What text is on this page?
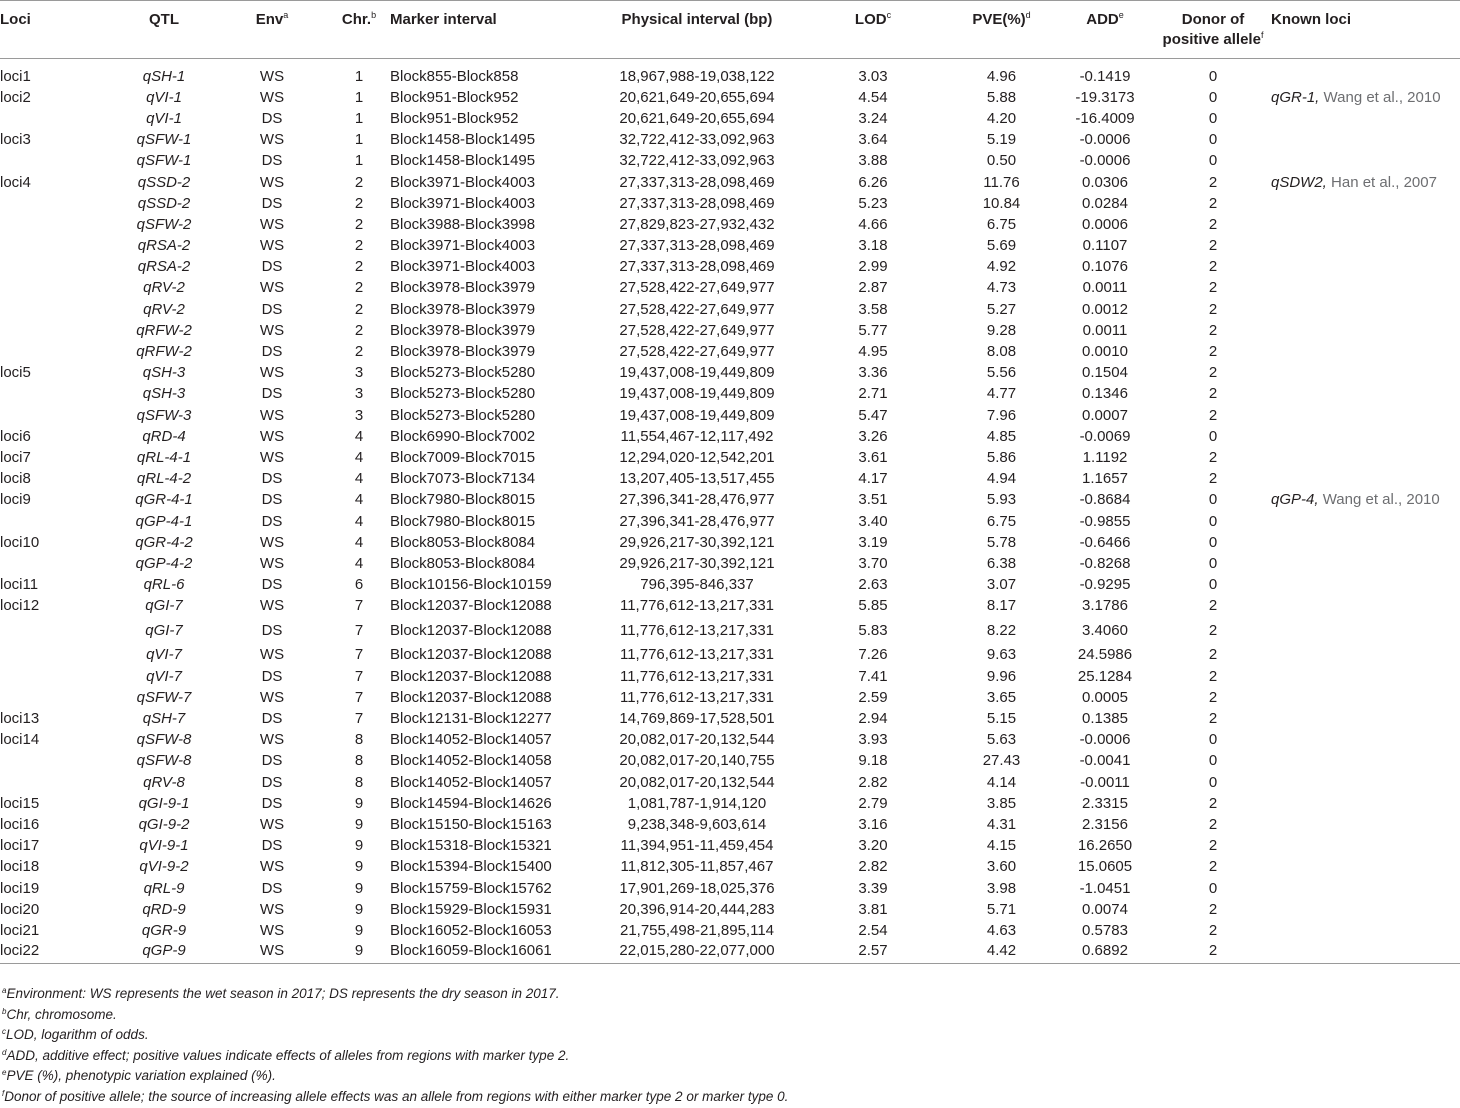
Loci	QTL	Env$^a$	Chr.$^b$	Marker interval	Physical interval (bp)	LOD$^c$	PVE(%)$^d$	ADD$^e$	Donor of
positive allele$^f$	Known loci

loci1	qSH-1	WS	1	Block855-Block858	18,967,988-19,038,122	3.03	4.96	-0.1419	0	
loci2	qVI-1	WS	1	Block951-Block952	20,621,649-20,655,694	4.54	5.88	-19.3173	0	qGR-1, Wang et al., 2010
	qVI-1	DS	1	Block951-Block952	20,621,649-20,655,694	3.24	4.20	-16.4009	0	
loci3	qSFW-1	WS	1	Block1458-Block1495	32,722,412-33,092,963	3.64	5.19	-0.0006	0	
	qSFW-1	DS	1	Block1458-Block1495	32,722,412-33,092,963	3.88	0.50	-0.0006	0	
loci4	qSSD-2	WS	2	Block3971-Block4003	27,337,313-28,098,469	6.26	11.76	0.0306	2	qSDW2, Han et al., 2007
	qSSD-2	DS	2	Block3971-Block4003	27,337,313-28,098,469	5.23	10.84	0.0284	2	
	qSFW-2	WS	2	Block3988-Block3998	27,829,823-27,932,432	4.66	6.75	0.0006	2	
	qRSA-2	WS	2	Block3971-Block4003	27,337,313-28,098,469	3.18	5.69	0.1107	2	
	qRSA-2	DS	2	Block3971-Block4003	27,337,313-28,098,469	2.99	4.92	0.1076	2	
	qRV-2	WS	2	Block3978-Block3979	27,528,422-27,649,977	2.87	4.73	0.0011	2	
	qRV-2	DS	2	Block3978-Block3979	27,528,422-27,649,977	3.58	5.27	0.0012	2	
	qRFW-2	WS	2	Block3978-Block3979	27,528,422-27,649,977	5.77	9.28	0.0011	2	
	qRFW-2	DS	2	Block3978-Block3979	27,528,422-27,649,977	4.95	8.08	0.0010	2	
loci5	qSH-3	WS	3	Block5273-Block5280	19,437,008-19,449,809	3.36	5.56	0.1504	2	
	qSH-3	DS	3	Block5273-Block5280	19,437,008-19,449,809	2.71	4.77	0.1346	2	
	qSFW-3	WS	3	Block5273-Block5280	19,437,008-19,449,809	5.47	7.96	0.0007	2	
loci6	qRD-4	WS	4	Block6990-Block7002	11,554,467-12,117,492	3.26	4.85	-0.0069	0	
loci7	qRL-4-1	WS	4	Block7009-Block7015	12,294,020-12,542,201	3.61	5.86	1.1192	2	
loci8	qRL-4-2	DS	4	Block7073-Block7134	13,207,405-13,517,455	4.17	4.94	1.1657	2	
loci9	qGR-4-1	DS	4	Block7980-Block8015	27,396,341-28,476,977	3.51	5.93	-0.8684	0	qGP-4, Wang et al., 2010
	qGP-4-1	DS	4	Block7980-Block8015	27,396,341-28,476,977	3.40	6.75	-0.9855	0	
loci10	qGR-4-2	WS	4	Block8053-Block8084	29,926,217-30,392,121	3.19	5.78	-0.6466	0	
	qGP-4-2	WS	4	Block8053-Block8084	29,926,217-30,392,121	3.70	6.38	-0.8268	0	
loci11	qRL-6	DS	6	Block10156-Block10159	796,395-846,337	2.63	3.07	-0.9295	0	
loci12	qGI-7	WS	7	Block12037-Block12088	11,776,612-13,217,331	5.85	8.17	3.1786	2	
	qGI-7	DS	7	Block12037-Block12088	11,776,612-13,217,331	5.83	8.22	3.4060	2	
	qVI-7	WS	7	Block12037-Block12088	11,776,612-13,217,331	7.26	9.63	24.5986	2	
	qVI-7	DS	7	Block12037-Block12088	11,776,612-13,217,331	7.41	9.96	25.1284	2	
	qSFW-7	WS	7	Block12037-Block12088	11,776,612-13,217,331	2.59	3.65	0.0005	2	
loci13	qSH-7	DS	7	Block12131-Block12277	14,769,869-17,528,501	2.94	5.15	0.1385	2	
loci14	qSFW-8	WS	8	Block14052-Block14057	20,082,017-20,132,544	3.93	5.63	-0.0006	0	
	qSFW-8	DS	8	Block14052-Block14058	20,082,017-20,140,755	9.18	27.43	-0.0041	0	
	qRV-8	DS	8	Block14052-Block14057	20,082,017-20,132,544	2.82	4.14	-0.0011	0	
loci15	qGI-9-1	DS	9	Block14594-Block14626	1,081,787-1,914,120	2.79	3.85	2.3315	2	
loci16	qGI-9-2	WS	9	Block15150-Block15163	9,238,348-9,603,614	3.16	4.31	2.3156	2	
loci17	qVI-9-1	DS	9	Block15318-Block15321	11,394,951-11,459,454	3.20	4.15	16.2650	2	
loci18	qVI-9-2	WS	9	Block15394-Block15400	11,812,305-11,857,467	2.82	3.60	15.0605	2	
loci19	qRL-9	DS	9	Block15759-Block15762	17,901,269-18,025,376	3.39	3.98	-1.0451	0	
loci20	qRD-9	WS	9	Block15929-Block15931	20,396,914-20,444,283	3.81	5.71	0.0074	2	
loci21	qGR-9	WS	9	Block16052-Block16053	21,755,498-21,895,114	2.54	4.63	0.5783	2	
loci22	qGP-9	WS	9	Block16059-Block16061	22,015,280-22,077,000	2.57	4.42	0.6892	2	
$^a$Environment: WS represents the wet season in 2017; DS represents the dry season in 2017.
$^b$Chr, chromosome.
$^c$LOD, logarithm of odds.
$^d$ADD, additive effect; positive values indicate effects of alleles from regions with marker type 2.
$^e$PVE (%), phenotypic variation explained (%).
$^f$Donor of positive allele; the source of increasing allele effects was an allele from regions with either marker type 2 or marker type 0.
